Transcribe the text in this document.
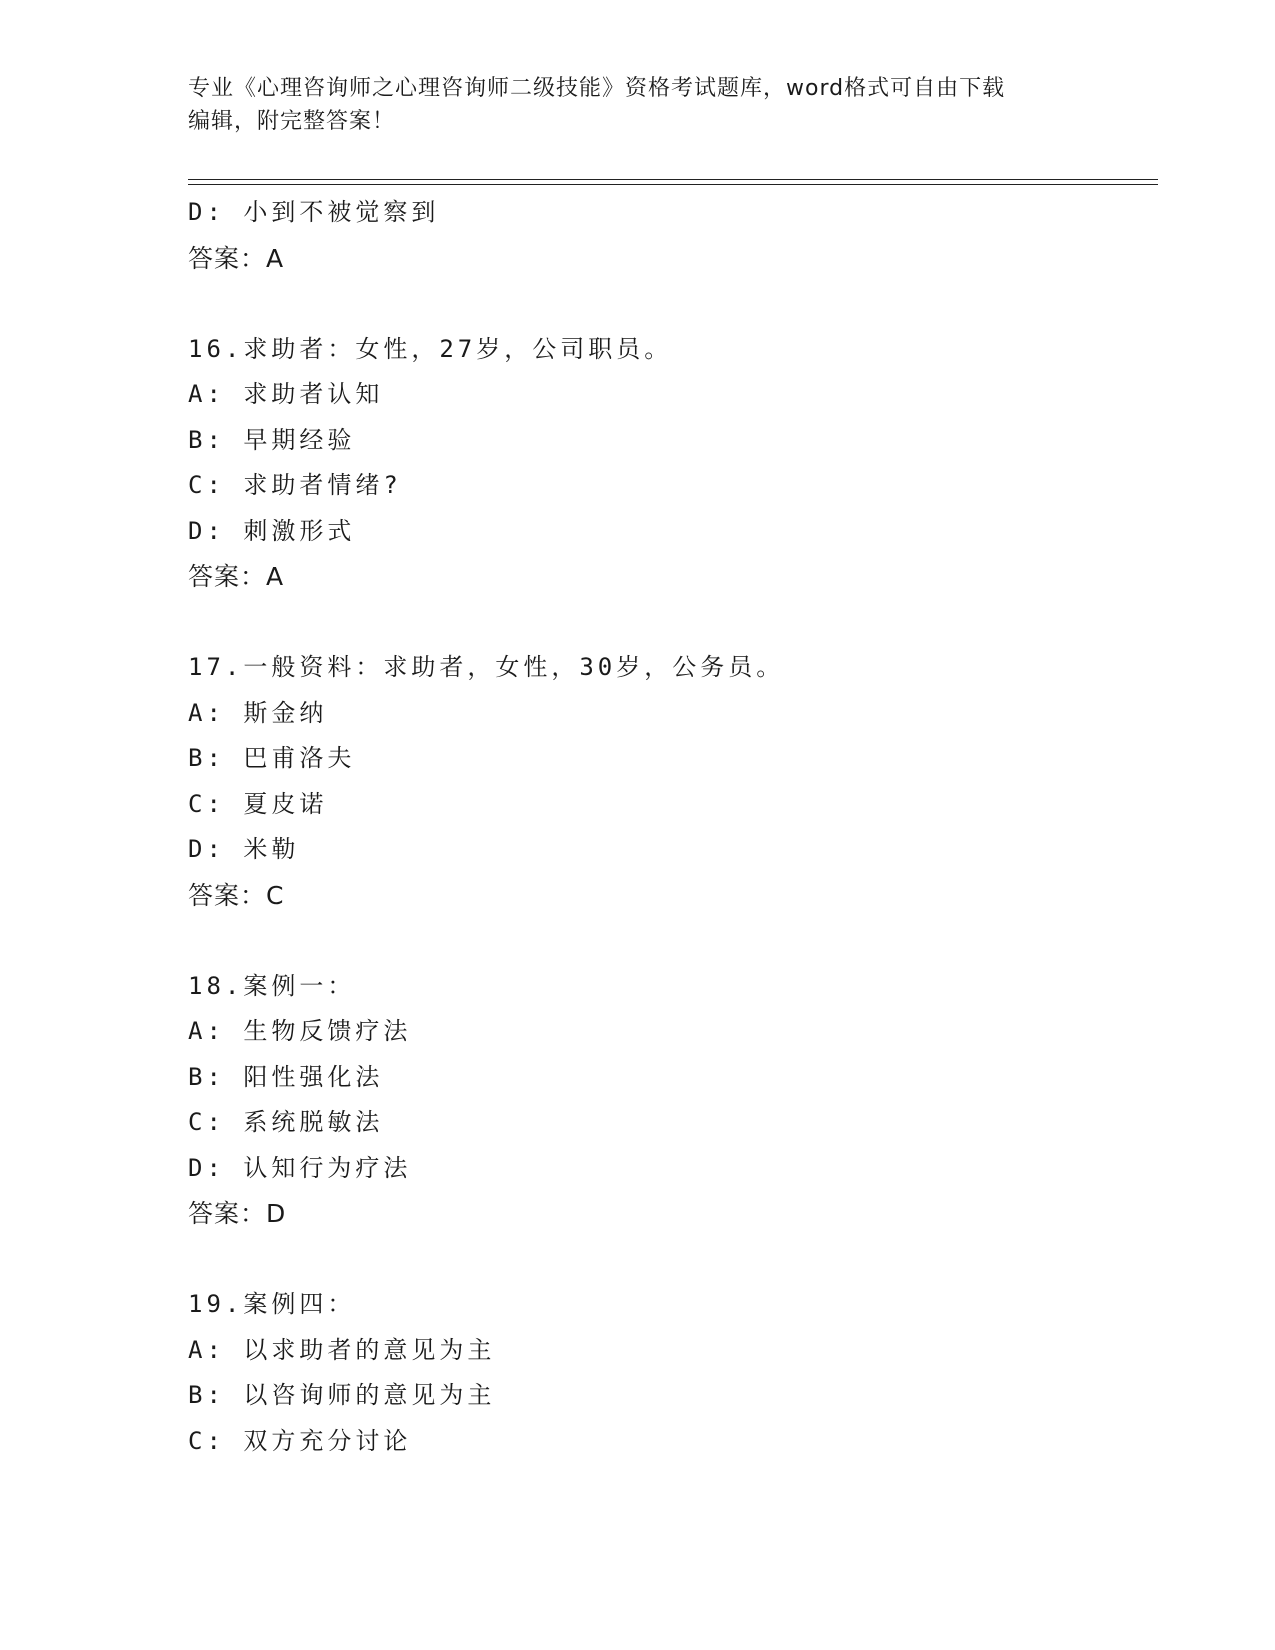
专业《心理咨询师之心理咨询师二级技能》资格考试题库，word格式可自由下载
编辑，附完整答案！
D: 小到不被觉察到
答案：A
16.求助者：女性，27岁，公司职员。
A: 求助者认知
B: 早期经验
C: 求助者情绪?
D: 刺激形式
答案：A
17.一般资料：求助者，女性，30岁，公务员。
A: 斯金纳
B: 巴甫洛夫
C: 夏皮诺
D: 米勒
答案：C
18.案例一：
A: 生物反馈疗法
B: 阳性强化法
C: 系统脱敏法
D: 认知行为疗法
答案：D
19.案例四：
A: 以求助者的意见为主
B: 以咨询师的意见为主
C: 双方充分讨论
